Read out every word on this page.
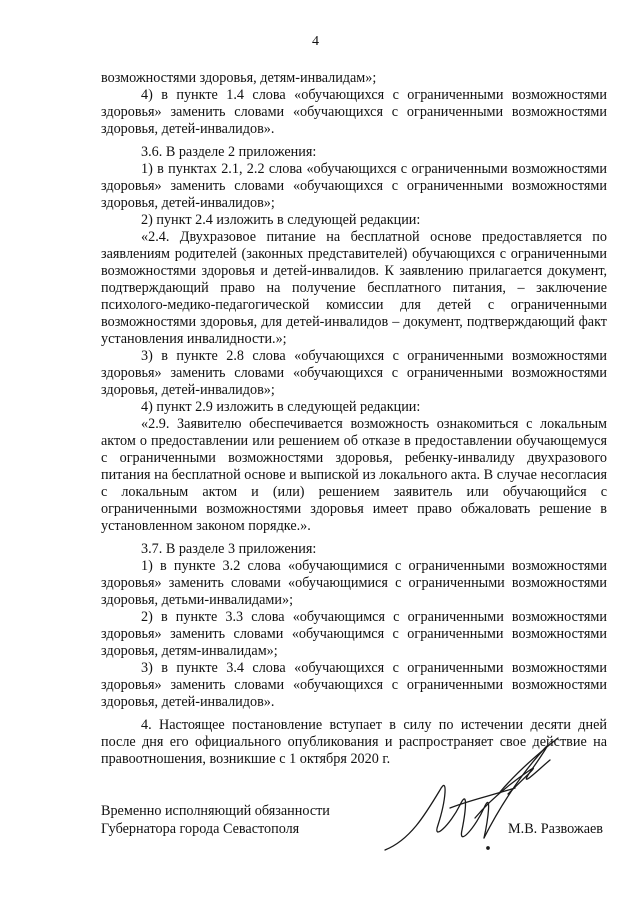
4

возможностями здоровья, детям-инвалидам»;

4) в пункте 1.4 слова «обучающихся с ограниченными возможностями здоровья» заменить словами «обучающихся с ограниченными возможностями здоровья, детей-инвалидов».

3.6. В разделе 2 приложения:

1) в пунктах 2.1, 2.2 слова «обучающихся с ограниченными возможностями здоровья» заменить словами «обучающихся с ограниченными возможностями здоровья, детей-инвалидов»;

2) пункт 2.4 изложить в следующей редакции:

«2.4. Двухразовое питание на бесплатной основе предоставляется по заявлениям родителей (законных представителей) обучающихся с ограниченными возможностями здоровья и детей-инвалидов. К заявлению прилагается документ, подтверждающий право на получение бесплатного питания, – заключение психолого-медико-педагогической комиссии для детей с ограниченными возможностями здоровья, для детей-инвалидов – документ, подтверждающий факт установления инвалидности.»;

3) в пункте 2.8 слова «обучающихся с ограниченными возможностями здоровья» заменить словами «обучающихся с ограниченными возможностями здоровья, детей-инвалидов»;

4) пункт 2.9 изложить в следующей редакции:

«2.9. Заявителю обеспечивается возможность ознакомиться с локальным актом о предоставлении или решением об отказе в предоставлении обучающемуся с ограниченными возможностями здоровья, ребенку-инвалиду двухразового питания на бесплатной основе и выпиской из локального акта. В случае несогласия с локальным актом и (или) решением заявитель или обучающийся с ограниченными возможностями здоровья имеет право обжаловать решение в установленном законом порядке.».

3.7. В разделе 3 приложения:

1) в пункте 3.2 слова «обучающимися с ограниченными возможностями здоровья» заменить словами «обучающимися с ограниченными возможностями здоровья, детьми-инвалидами»;

2) в пункте 3.3 слова «обучающимся с ограниченными возможностями здоровья» заменить словами «обучающимся с ограниченными возможностями здоровья, детям-инвалидам»;

3) в пункте 3.4 слова «обучающихся с ограниченными возможностями здоровья» заменить словами «обучающихся с ограниченными возможностями здоровья, детей-инвалидов».

4. Настоящее постановление вступает в силу по истечении десяти дней после дня его официального опубликования и распространяет свое действие на правоотношения, возникшие с 1 октября 2020 г.

Временно исполняющий обязанности

Губернатора города Севастополя	М.В. Развожаев
